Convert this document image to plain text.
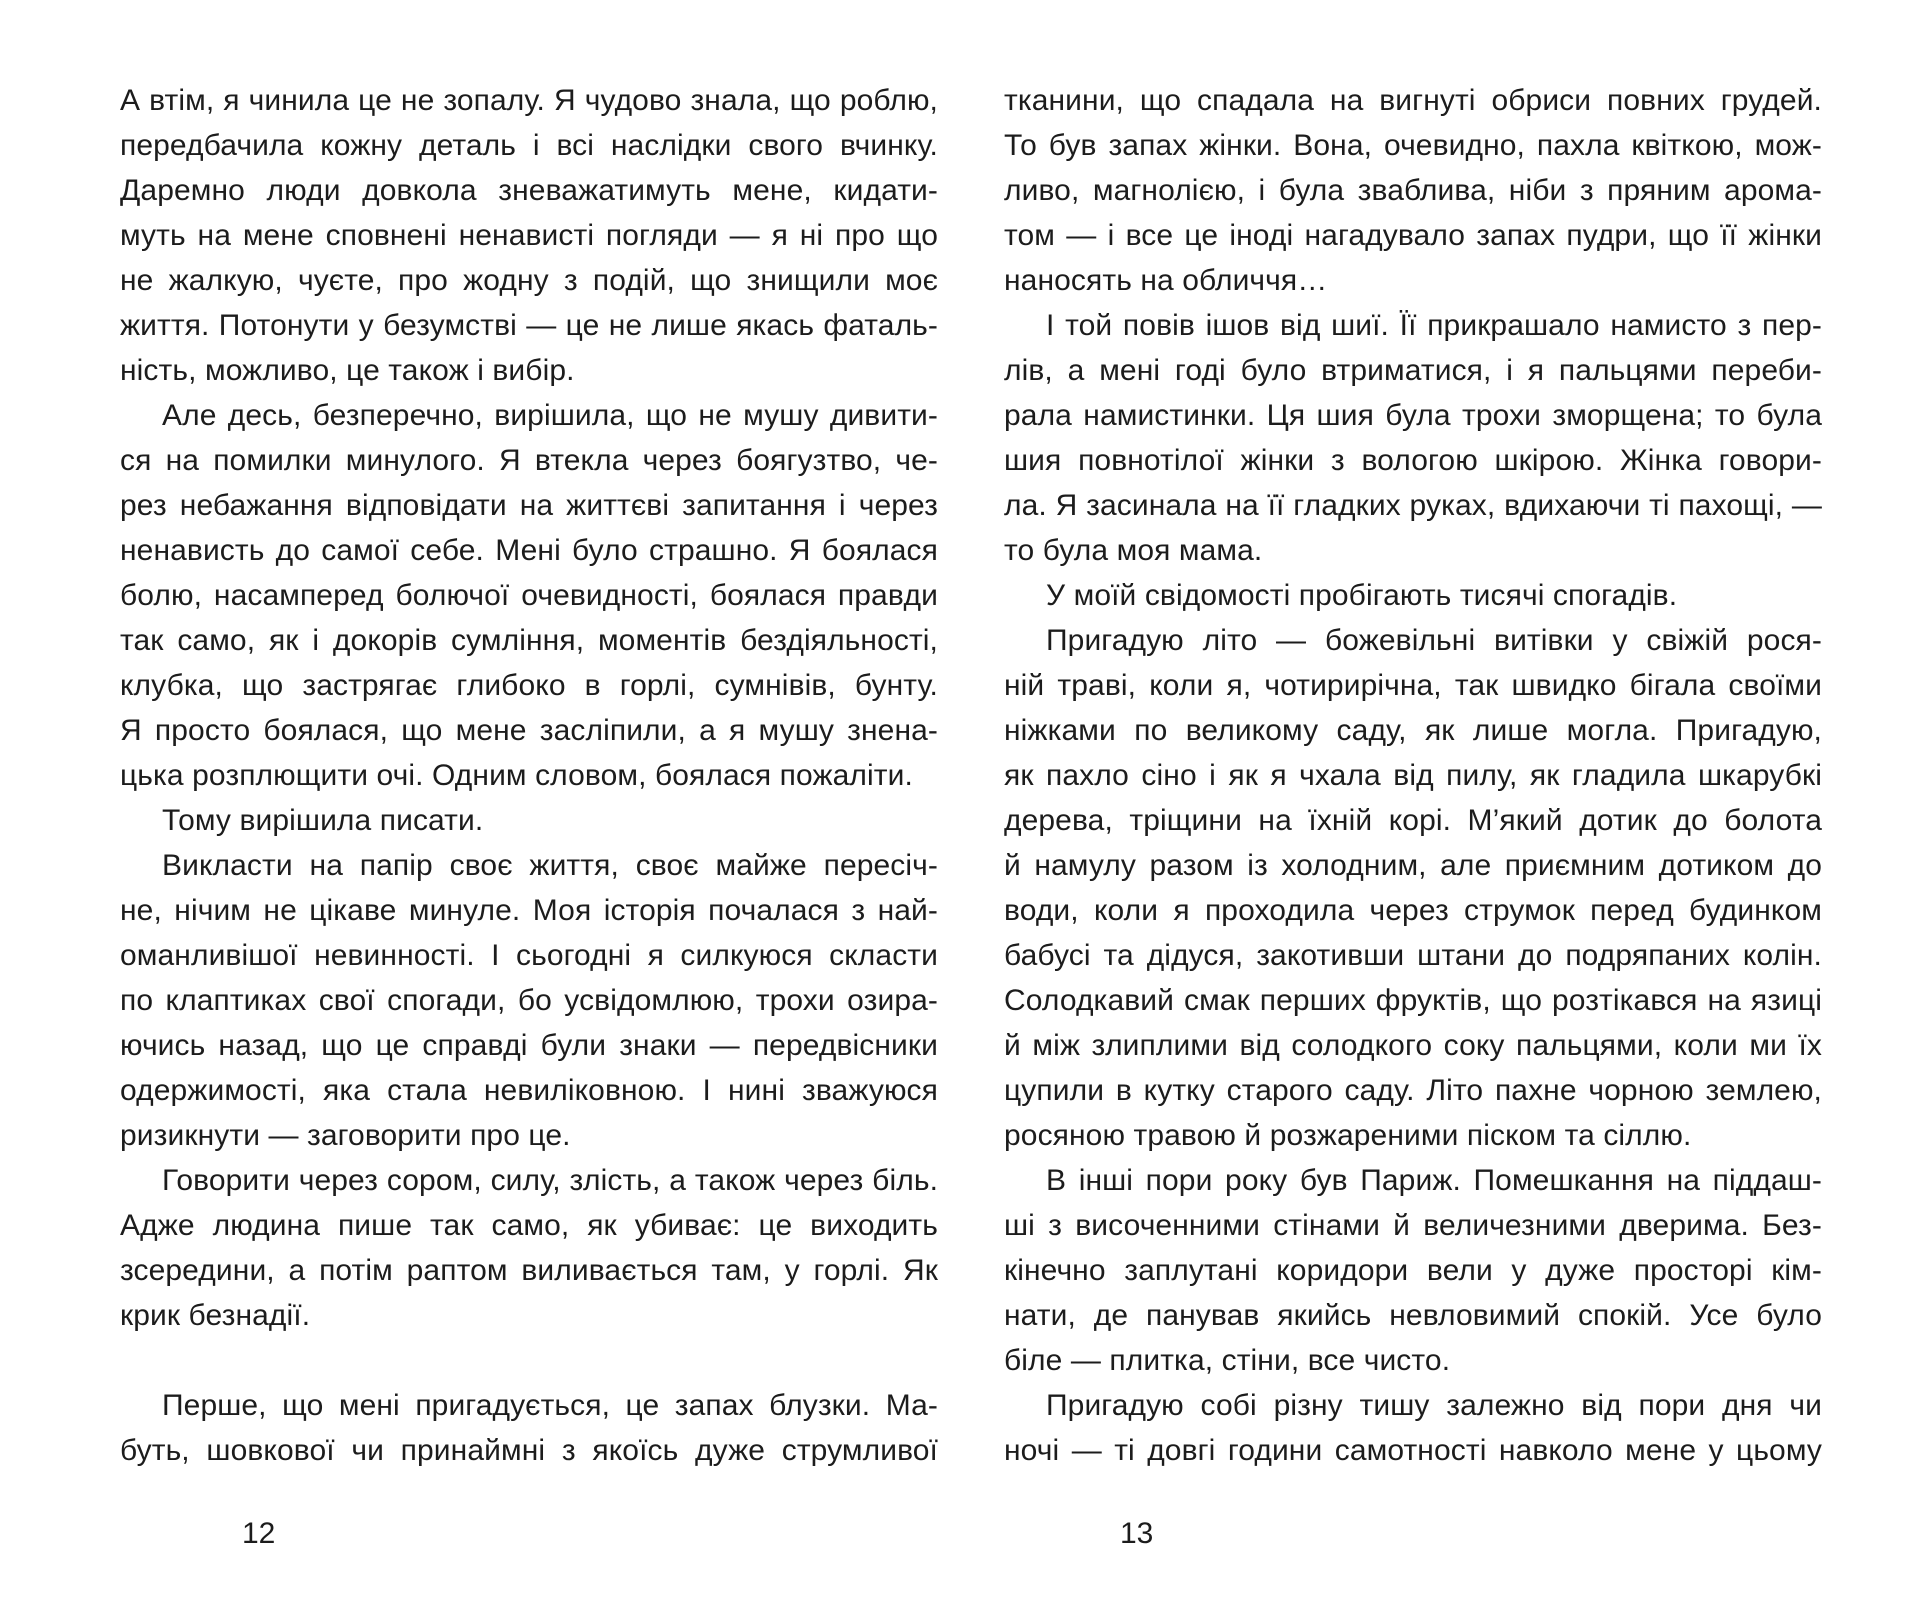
А втім, я чинила це не зопалу. Я чудово знала, що роблю,
передбачила кожну деталь і всі наслідки свого вчинку.
Даремно люди довкола зневажатимуть мене, кидати-
муть на мене сповнені ненависті погляди — я ні про що
не жалкую, чуєте, про жодну з подій, що знищили моє
життя. Потонути у безумстві — це не лише якась фаталь-
ність, можливо, це також і вибір.
Але десь, безперечно, вирішила, що не мушу дивити-
ся на помилки минулого. Я втекла через боягузтво, че-
рез небажання відповідати на життєві запитання і через
ненависть до самої себе. Мені було страшно. Я боялася
болю, насамперед болючої очевидності, боялася правди
так само, як і докорів сумління, моментів бездіяльності,
клубка, що застрягає глибоко в горлі, сумнівів, бунту.
Я просто боялася, що мене засліпили, а я мушу знена-
цька розплющити очі. Одним словом, боялася пожаліти.
Тому вирішила писати.
Викласти на папір своє життя, своє майже пересіч-
не, нічим не цікаве минуле. Моя історія почалася з най-
оманливішої невинності. І сьогодні я силкуюся скласти
по клаптиках свої спогади, бо усвідомлюю, трохи озира-
ючись назад, що це справді були знаки — передвісники
одержимості, яка стала невиліковною. І нині зважуюся
ризикнути — заговорити про це.
Говорити через сором, силу, злість, а також через біль.
Адже людина пише так само, як убиває: це виходить
зсередини, а потім раптом виливається там, у горлі. Як
крик безнадії.
Перше, що мені пригадується, це запах блузки. Ма-
буть, шовкової чи принаймні з якоїсь дуже струмливої
тканини, що спадала на вигнуті обриси повних грудей.
То був запах жінки. Вона, очевидно, пахла квіткою, мож-
ливо, магнолією, і була зваблива, ніби з пряним арома-
том — і все це іноді нагадувало запах пудри, що її жінки
наносять на обличчя…
І той повів ішов від шиї. Її прикрашало намисто з пер-
лів, а мені годі було втриматися, і я пальцями переби-
рала намистинки. Ця шия була трохи зморщена; то була
шия повнотілої жінки з вологою шкірою. Жінка говори-
ла. Я засинала на її гладких руках, вдихаючи ті пахощі, —
то була моя мама.
У моїй свідомості пробігають тисячі спогадів.
Пригадую літо — божевільні витівки у свіжій рося-
ній траві, коли я, чотирирічна, так швидко бігала своїми
ніжками по великому саду, як лише могла. Пригадую,
як пахло сіно і як я чхала від пилу, як гладила шкарубкі
дерева, тріщини на їхній корі. М’який дотик до болота
й намулу разом із холодним, але приємним дотиком до
води, коли я проходила через струмок перед будинком
бабусі та дідуся, закотивши штани до подряпаних колін.
Солодкавий смак перших фруктів, що розтікався на язиці
й між злиплими від солодкого соку пальцями, коли ми їх
цупили в кутку старого саду. Літо пахне чорною землею,
росяною травою й розжареними піском та сіллю.
В інші пори року був Париж. Помешкання на піддаш-
ші з височенними стінами й величезними дверима. Без-
кінечно заплутані коридори вели у дуже просторі кім-
нати, де панував якийсь невловимий спокій. Усе було
біле — плитка, стіни, все чисто.
Пригадую собі різну тишу залежно від пори дня чи
ночі — ті довгі години самотності навколо мене у цьому
12	13
